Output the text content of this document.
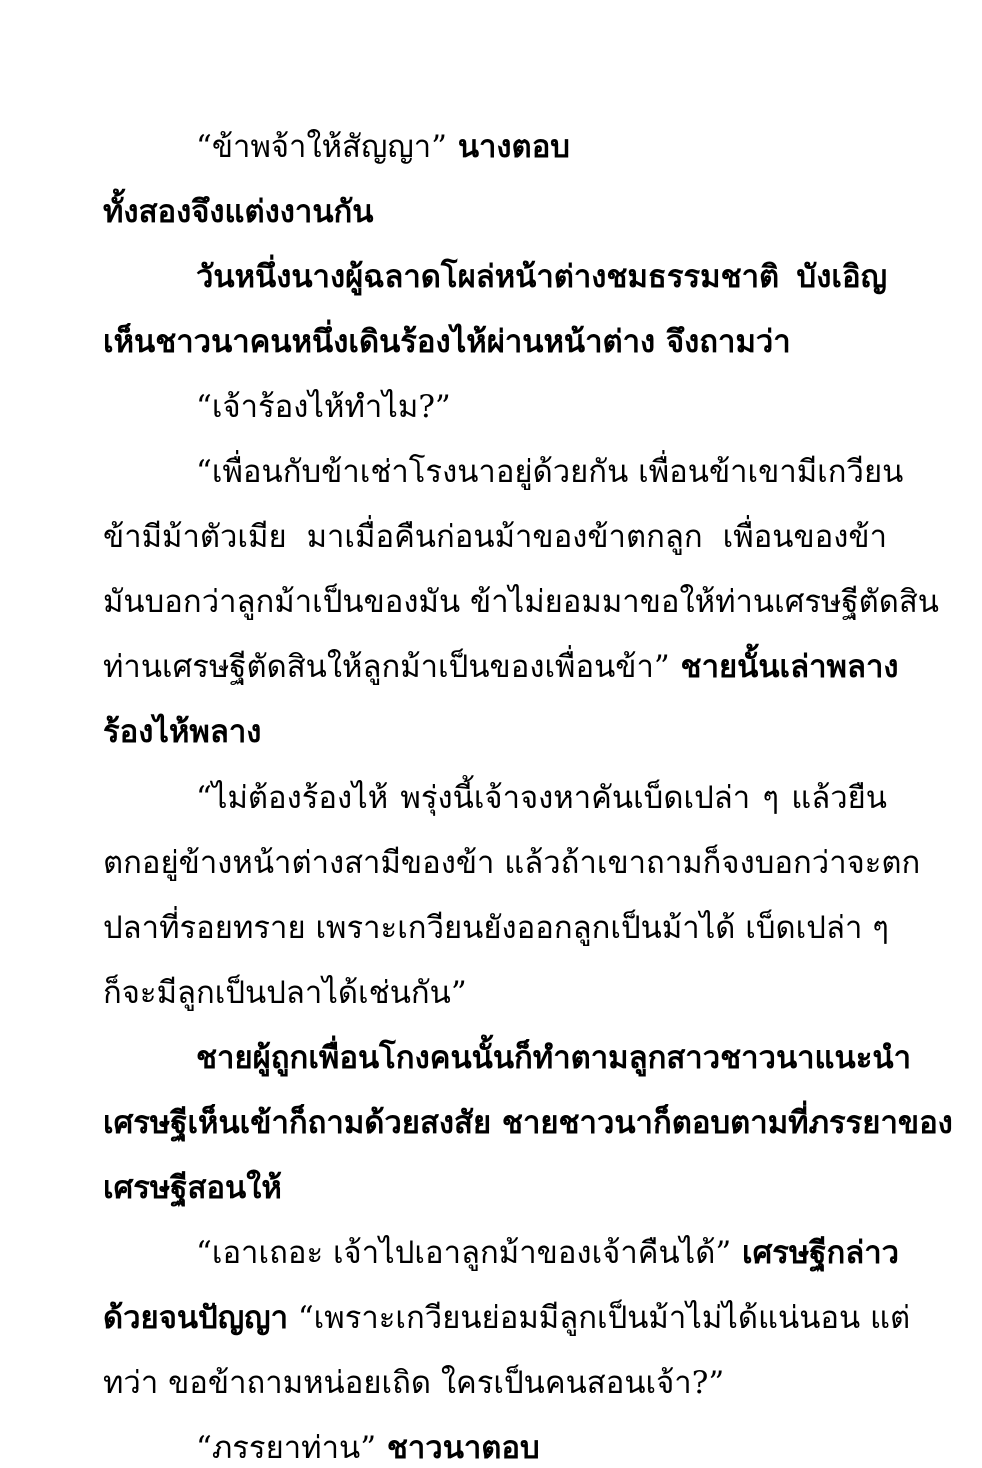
“ข้าพจ้าให้สัญญา” นางตอบ
ทั้งสองจึงแต่งงานกัน
วันหนึ่งนางผู้ฉลาดโผล่หน้าต่างชมธรรมชาติ บังเอิญ
เห็นชาวนาคนหนึ่งเดินร้องไห้ผ่านหน้าต่าง จึงถามว่า
“เจ้าร้องไห้ทำไม?”
“เพื่อนกับข้าเช่าโรงนาอยู่ด้วยกัน เพื่อนข้าเขามีเกวียน
ข้ามีม้าตัวเมีย มาเมื่อคืนก่อนม้าของข้าตกลูก เพื่อนของข้า
มันบอกว่าลูกม้าเป็นของมัน ข้าไม่ยอมมาขอให้ท่านเศรษฐีตัดสิน
ท่านเศรษฐีตัดสินให้ลูกม้าเป็นของเพื่อนข้า” ชายนั้นเล่าพลาง
ร้องไห้พลาง
“ไม่ต้องร้องไห้ พรุ่งนี้เจ้าจงหาคันเบ็ดเปล่า ๆ แล้วยืน
ตกอยู่ข้างหน้าต่างสามีของข้า แล้วถ้าเขาถามก็จงบอกว่าจะตก
ปลาที่รอยทราย เพราะเกวียนยังออกลูกเป็นม้าได้ เบ็ดเปล่า ๆ
ก็จะมีลูกเป็นปลาได้เช่นกัน”
ชายผู้ถูกเพื่อนโกงคนนั้นก็ทำตามลูกสาวชาวนาแนะนำ
เศรษฐีเห็นเข้าก็ถามด้วยสงสัย ชายชาวนาก็ตอบตามที่ภรรยาของ
เศรษฐีสอนให้
“เอาเถอะ เจ้าไปเอาลูกม้าของเจ้าคืนได้” เศรษฐีกล่าว
ด้วยจนปัญญา “เพราะเกวียนย่อมมีลูกเป็นม้าไม่ได้แน่นอน แต่
ทว่า ขอข้าถามหน่อยเถิด ใครเป็นคนสอนเจ้า?”
“ภรรยาท่าน” ชาวนาตอบ
